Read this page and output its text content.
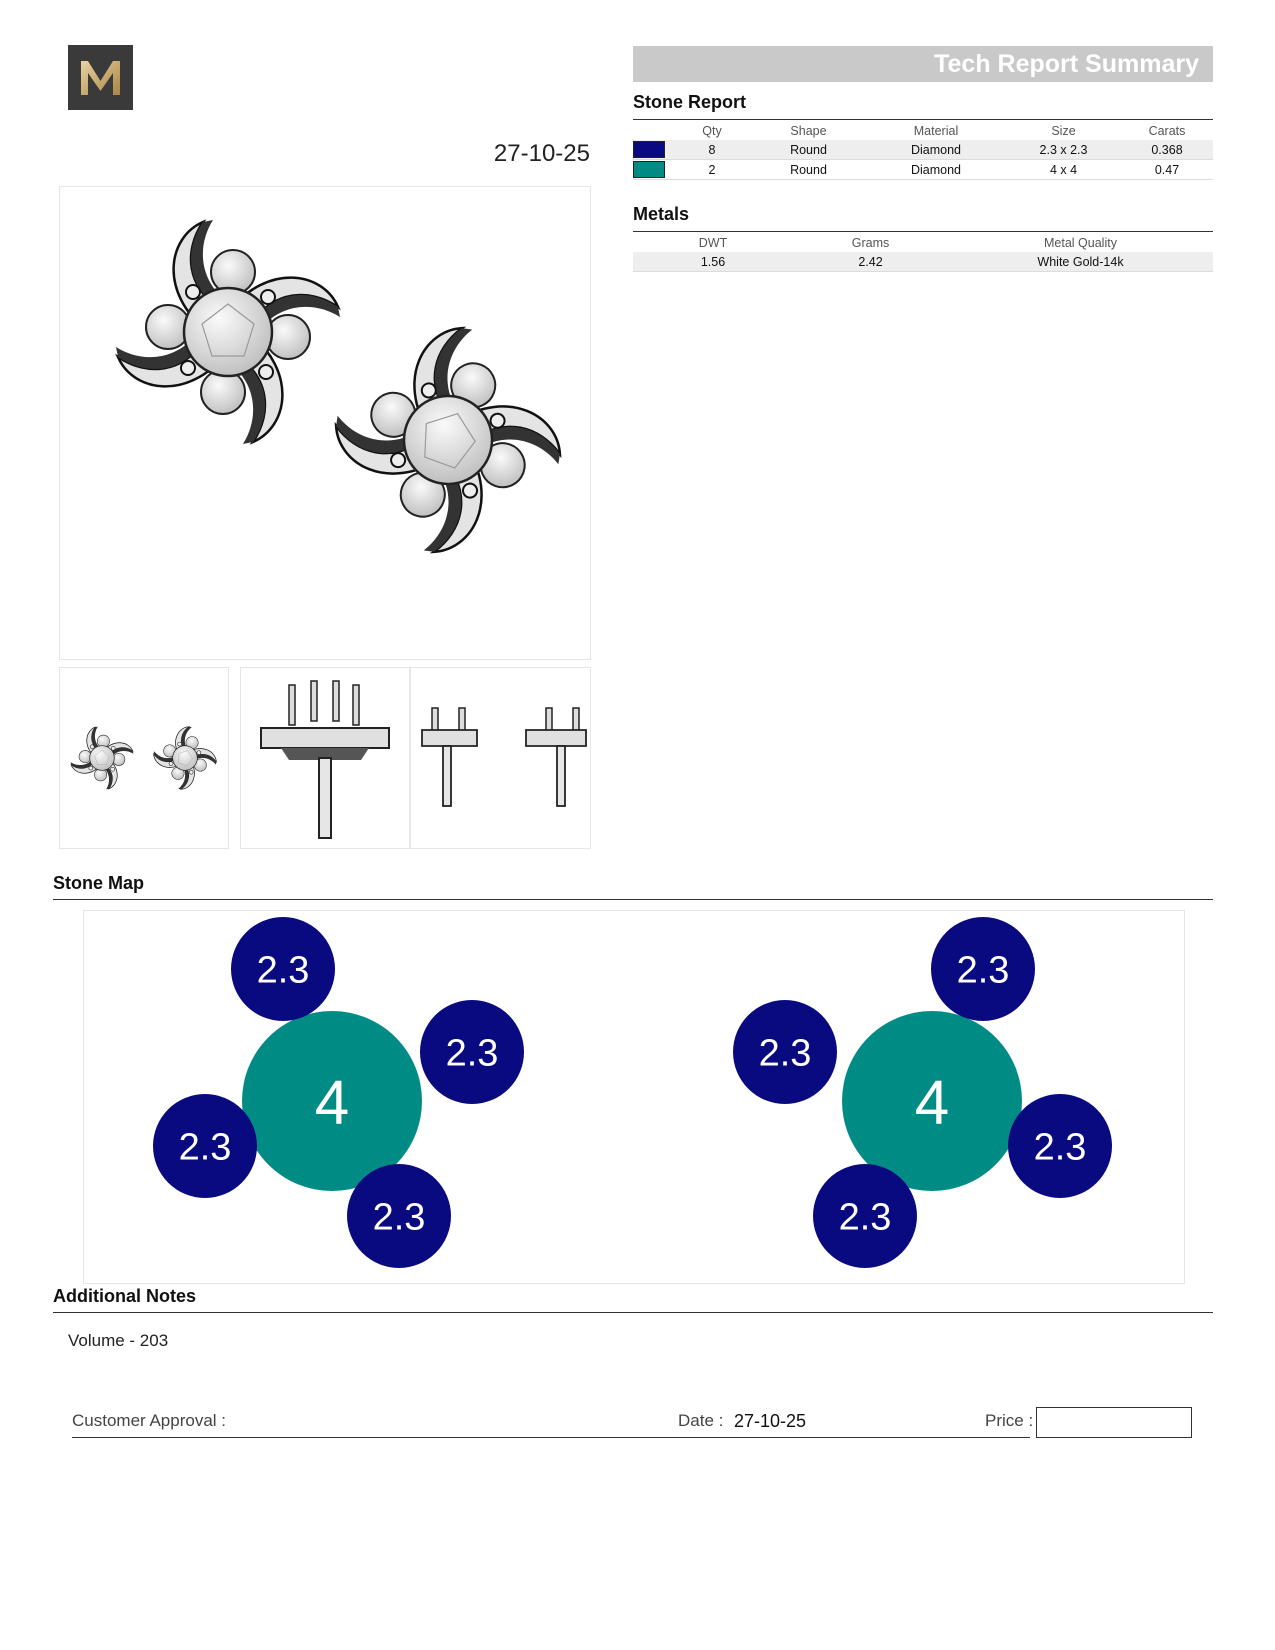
27-10-25
Tech Report Summary
Stone Report
	Qty	Shape	Material	Size	Carats
	8	Round	Diamond	2.3 x 2.3	0.368
	2	Round	Diamond	4 x 4	0.47
Metals
DWT	Grams	Metal Quality
1.56	2.42	White Gold-14k
Stone Map
4
2.3
2.3
2.3
2.3
4
2.3
2.3
2.3
2.3
Additional Notes
Volume - 203
Customer Approval :	Date : 27-10-25	Price :
